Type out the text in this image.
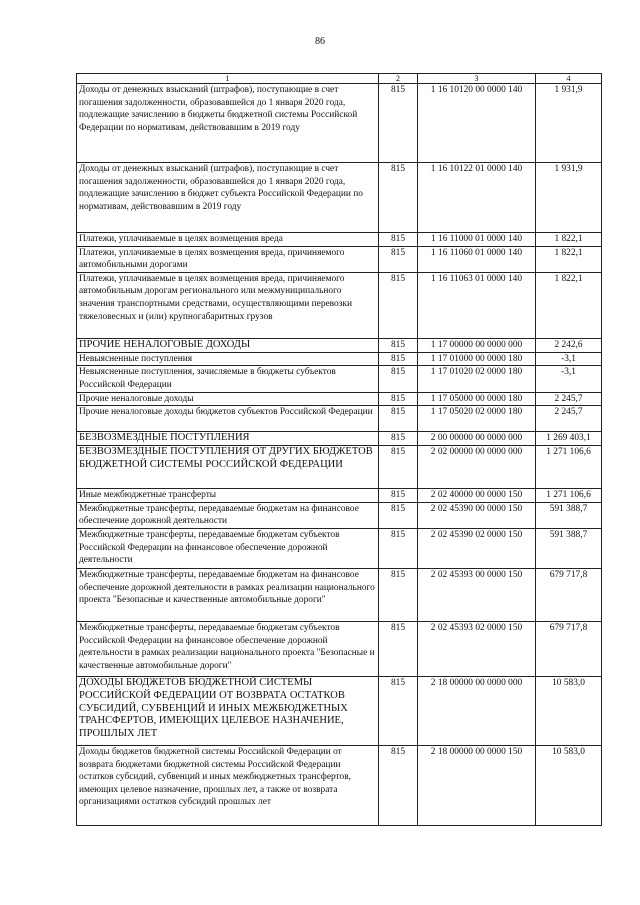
86
1	2	3	4
Доходы от денежных взысканий (штрафов), поступающие в счет погашения задолженности, образовавшейся до 1 января 2020 года, подлежащие зачислению в бюджеты бюджетной системы Российской Федерации по нормативам, действовавшим в 2019 году	815	1 16 10120 00 0000 140	1 931,9
Доходы от денежных взысканий (штрафов), поступающие в счет погашения задолженности, образовавшейся до 1 января 2020 года, подлежащие зачислению в бюджет субъекта Российской Федерации по нормативам, действовавшим в 2019 году	815	1 16 10122 01 0000 140	1 931,9
Платежи, уплачиваемые в целях возмещения вреда	815	1 16 11000 01 0000 140	1 822,1
Платежи, уплачиваемые в целях возмещения вреда, причиняемого автомобильными дорогами	815	1 16 11060 01 0000 140	1 822,1
Платежи, уплачиваемые в целях возмещения вреда, причиняемого автомобильным дорогам регионального или межмуниципального значения транспортными средствами, осуществляющими перевозки тяжеловесных и (или) крупногабаритных грузов	815	1 16 11063 01 0000 140	1 822,1
ПРОЧИЕ НЕНАЛОГОВЫЕ ДОХОДЫ	815	1 17 00000 00 0000 000	2 242,6
Невыясненные поступления	815	1 17 01000 00 0000 180	-3,1
Невыясненные поступления, зачисляемые в бюджеты субъектов Российской Федерации	815	1 17 01020 02 0000 180	-3,1
Прочие неналоговые доходы	815	1 17 05000 00 0000 180	2 245,7
Прочие неналоговые доходы бюджетов субъектов Российской Федерации	815	1 17 05020 02 0000 180	2 245,7
БЕЗВОЗМЕЗДНЫЕ ПОСТУПЛЕНИЯ	815	2 00 00000 00 0000 000	1 269 403,1
БЕЗВОЗМЕЗДНЫЕ ПОСТУПЛЕНИЯ ОТ ДРУГИХ БЮДЖЕТОВ БЮДЖЕТНОЙ СИСТЕМЫ РОССИЙСКОЙ ФЕДЕРАЦИИ	815	2 02 00000 00 0000 000	1 271 106,6
Иные межбюджетные трансферты	815	2 02 40000 00 0000 150	1 271 106,6
Межбюджетные трансферты, передаваемые бюджетам на финансовое обеспечение дорожной деятельности	815	2 02 45390 00 0000 150	591 388,7
Межбюджетные трансферты, передаваемые бюджетам субъектов Российской Федерации на финансовое обеспечение дорожной деятельности	815	2 02 45390 02 0000 150	591 388,7
Межбюджетные трансферты, передаваемые бюджетам на финансовое обеспечение дорожной деятельности в рамках реализации национального проекта "Безопасные и качественные автомобильные дороги"	815	2 02 45393 00 0000 150	679 717,8
Межбюджетные трансферты, передаваемые бюджетам субъектов Российской Федерации на финансовое обеспечение дорожной деятельности в рамках реализации национального проекта "Безопасные и качественные автомобильные дороги"	815	2 02 45393 02 0000 150	679 717,8
ДОХОДЫ БЮДЖЕТОВ БЮДЖЕТНОЙ СИСТЕМЫ РОССИЙСКОЙ ФЕДЕРАЦИИ ОТ ВОЗВРАТА ОСТАТКОВ СУБСИДИЙ, СУБВЕНЦИЙ И ИНЫХ МЕЖБЮДЖЕТНЫХ ТРАНСФЕРТОВ, ИМЕЮЩИХ ЦЕЛЕВОЕ НАЗНАЧЕНИЕ, ПРОШЛЫХ ЛЕТ	815	2 18 00000 00 0000 000	10 583,0
Доходы бюджетов бюджетной системы Российской Федерации от возврата бюджетами бюджетной системы Российской Федерации остатков субсидий, субвенций и иных межбюджетных трансфертов, имеющих целевое назначение, прошлых лет, а также от возврата организациями остатков субсидий прошлых лет	815	2 18 00000 00 0000 150	10 583,0
